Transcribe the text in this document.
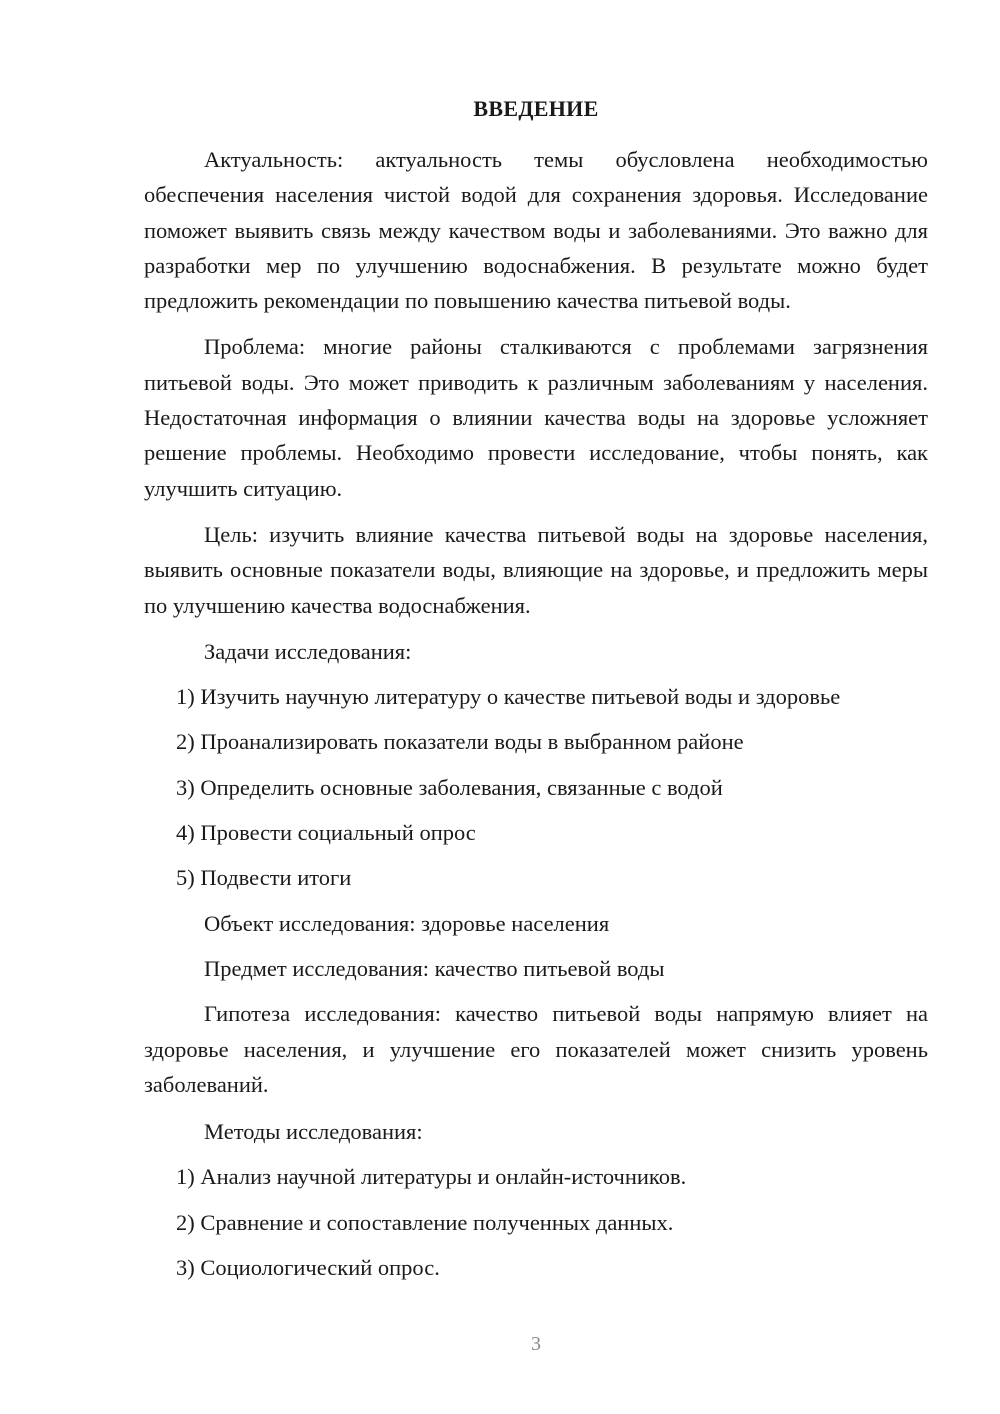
ВВЕДЕНИЕ

Актуальность: актуальность темы обусловлена необходимостью обеспечения населения чистой водой для сохранения здоровья. Исследование поможет выявить связь между качеством воды и заболеваниями. Это важно для разработки мер по улучшению водоснабжения. В результате можно будет предложить рекомендации по повышению качества питьевой воды.

Проблема: многие районы сталкиваются с проблемами загрязнения питьевой воды. Это может приводить к различным заболеваниям у населения. Недостаточная информация о влиянии качества воды на здоровье усложняет решение проблемы. Необходимо провести исследование, чтобы понять, как улучшить ситуацию.

Цель: изучить влияние качества питьевой воды на здоровье населения, выявить основные показатели воды, влияющие на здоровье, и предложить меры по улучшению качества водоснабжения.

Задачи исследования:

1) Изучить научную литературу о качестве питьевой воды и здоровье

2) Проанализировать показатели воды в выбранном районе

3) Определить основные заболевания, связанные с водой

4) Провести социальный опрос

5) Подвести итоги

Объект исследования: здоровье населения

Предмет исследования: качество питьевой воды

Гипотеза исследования: качество питьевой воды напрямую влияет на здоровье населения, и улучшение его показателей может снизить уровень заболеваний.

Методы исследования:

1) Анализ научной литературы и онлайн-источников.

2) Сравнение и сопоставление полученных данных.

3) Социологический опрос.

3
